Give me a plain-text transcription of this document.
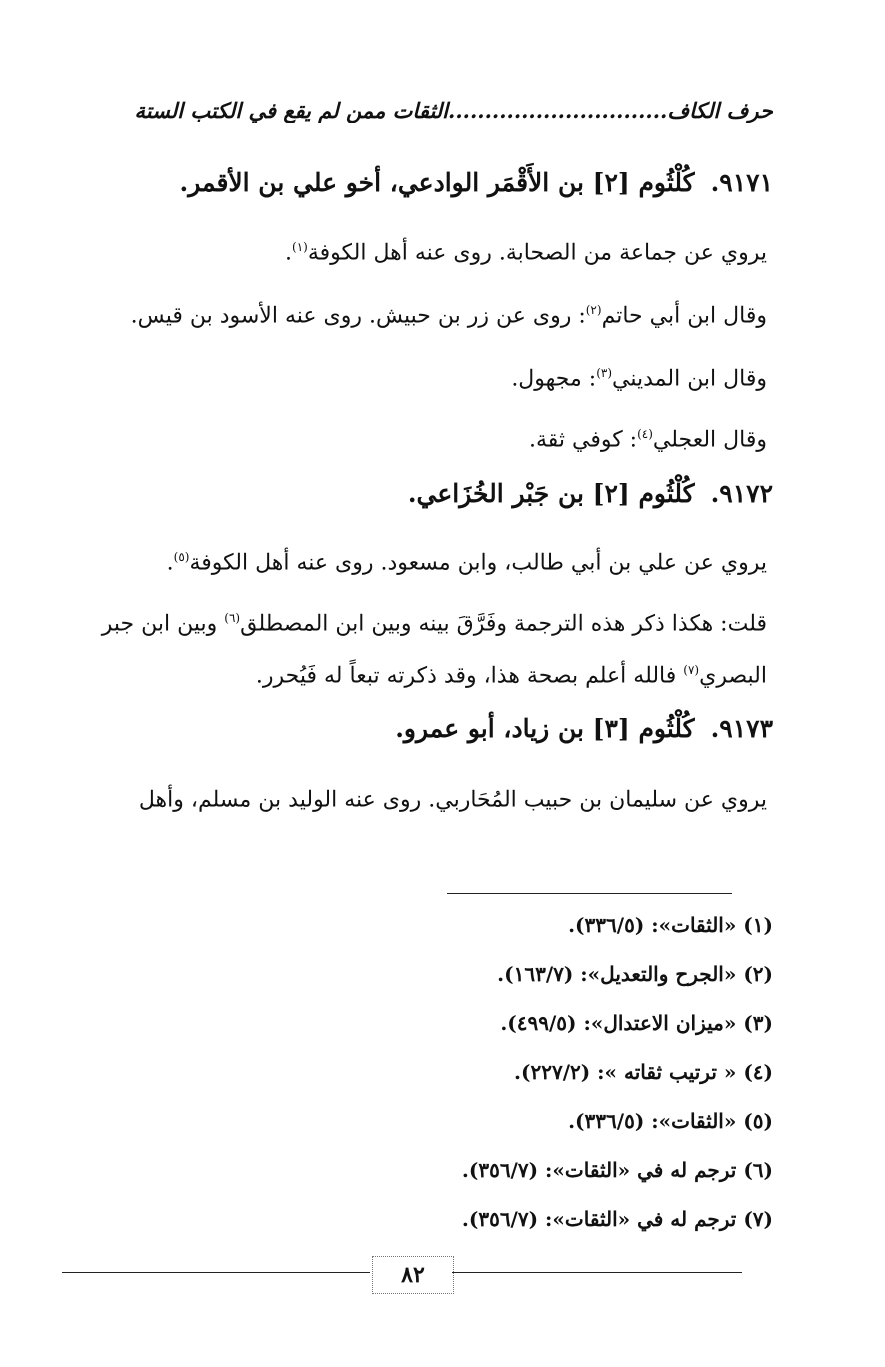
حرف الكاف..............................الثقات ممن لم يقع في الكتب الستة
٩١٧١.كُلْثُوم [٢] بن الأَقْمَر الوادعي، أخو علي بن الأقمر.
يروي عن جماعة من الصحابة. روى عنه أهل الكوفة$^{(١)}$.
وقال ابن أبي حاتم$^{(٢)}$: روى عن زر بن حبيش. روى عنه الأسود بن قيس.
وقال ابن المديني$^{(٣)}$: مجهول.
وقال العجلي$^{(٤)}$: كوفي ثقة.
٩١٧٢.كُلْثُوم [٢] بن جَبْر الخُزَاعي.
يروي عن علي بن أبي طالب، وابن مسعود. روى عنه أهل الكوفة$^{(٥)}$.
قلت: هكذا ذكر هذه الترجمة وفَرَّقَ بينه وبين ابن المصطلق$^{(٦)}$ وبين ابن جبر
البصري$^{(٧)}$ فالله أعلم بصحة هذا، وقد ذكرته تبعاً له فَيُحرر.
٩١٧٣.كُلْثُوم [٣] بن زياد، أبو عمرو.
يروي عن سليمان بن حبيب المُحَاربي. روى عنه الوليد بن مسلم، وأهل
(١) «الثقات»: (٣٣٦/٥).
(٢) «الجرح والتعديل»: (١٦٣/٧).
(٣) «ميزان الاعتدال»: (٤٩٩/٥).
(٤) « ترتيب ثقاته »: (٢٢٧/٢).
(٥) «الثقات»: (٣٣٦/٥).
(٦) ترجم له في «الثقات»: (٣٥٦/٧).
(٧) ترجم له في «الثقات»: (٣٥٦/٧).
٨٢
